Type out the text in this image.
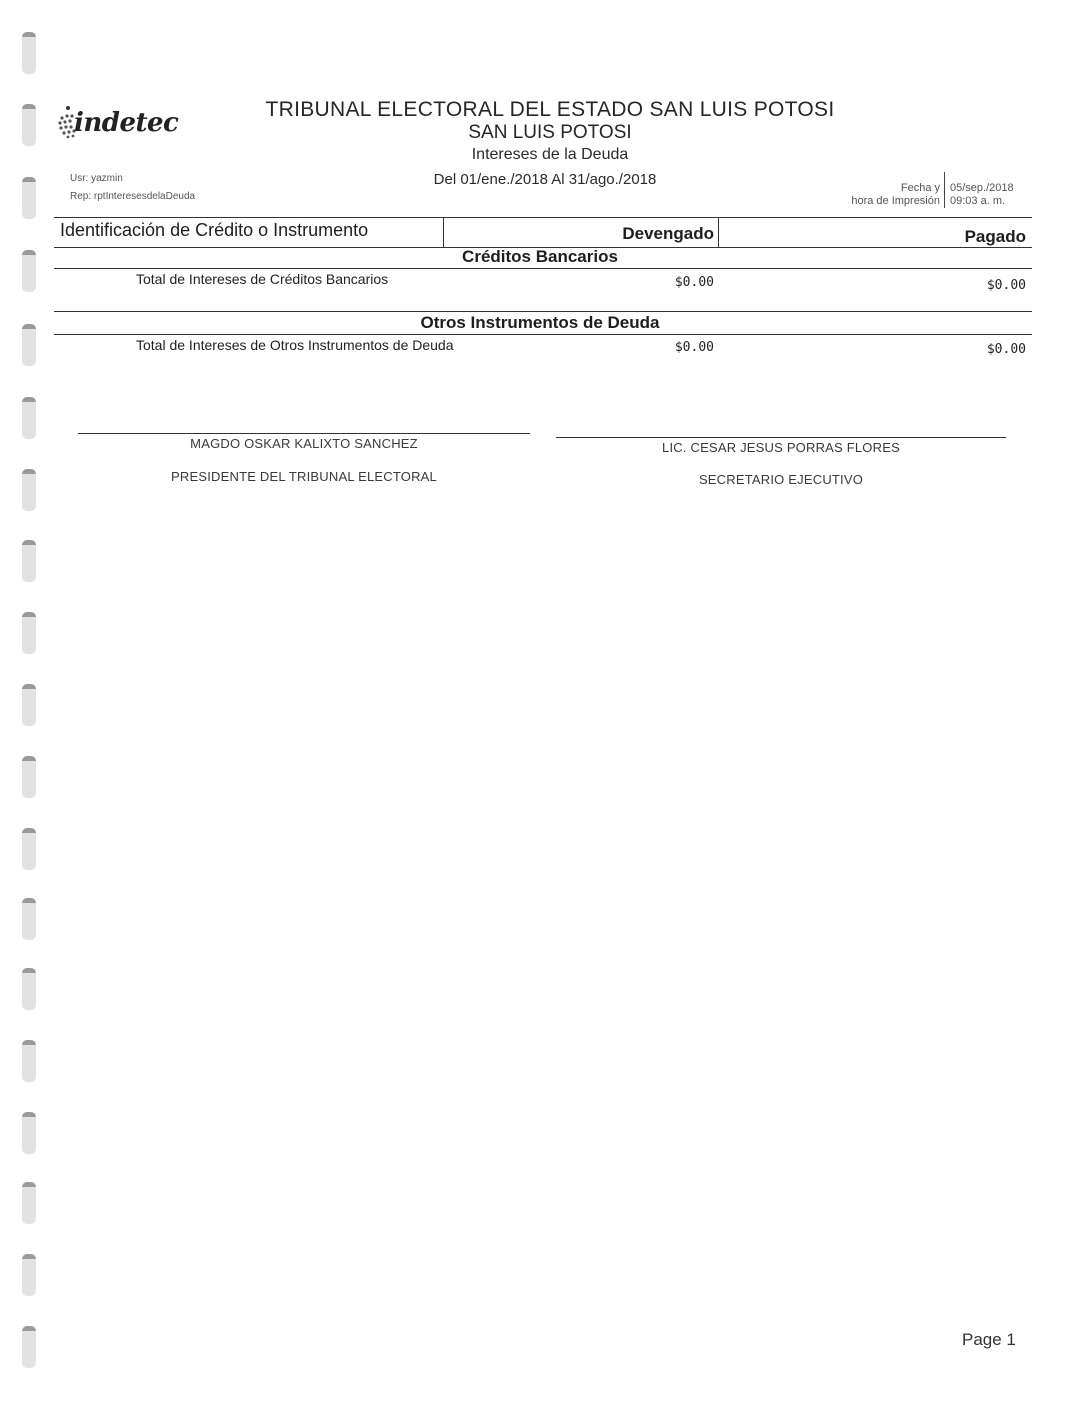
indetec	TRIBUNAL ELECTORAL DEL ESTADO SAN LUIS POTOSI
SAN LUIS POTOSI
Intereses de la Deuda
Del 01/ene./2018 Al 31/ago./2018
Usr: yazmin
Rep: rptInteresesdelaDeuda
Fecha y
hora de Impresión
05/sep./2018
09:03 a. m.
Identificación de Crédito o Instrumento	Devengado	Pagado
Créditos Bancarios
Total de Intereses de Créditos Bancarios	$0.00	$0.00
Otros Instrumentos de Deuda
Total de Intereses de Otros Instrumentos de Deuda	$0.00	$0.00
MAGDO OSKAR KALIXTO SANCHEZ
PRESIDENTE DEL TRIBUNAL ELECTORAL
LIC. CESAR JESUS PORRAS FLORES
SECRETARIO EJECUTIVO
Page 1
